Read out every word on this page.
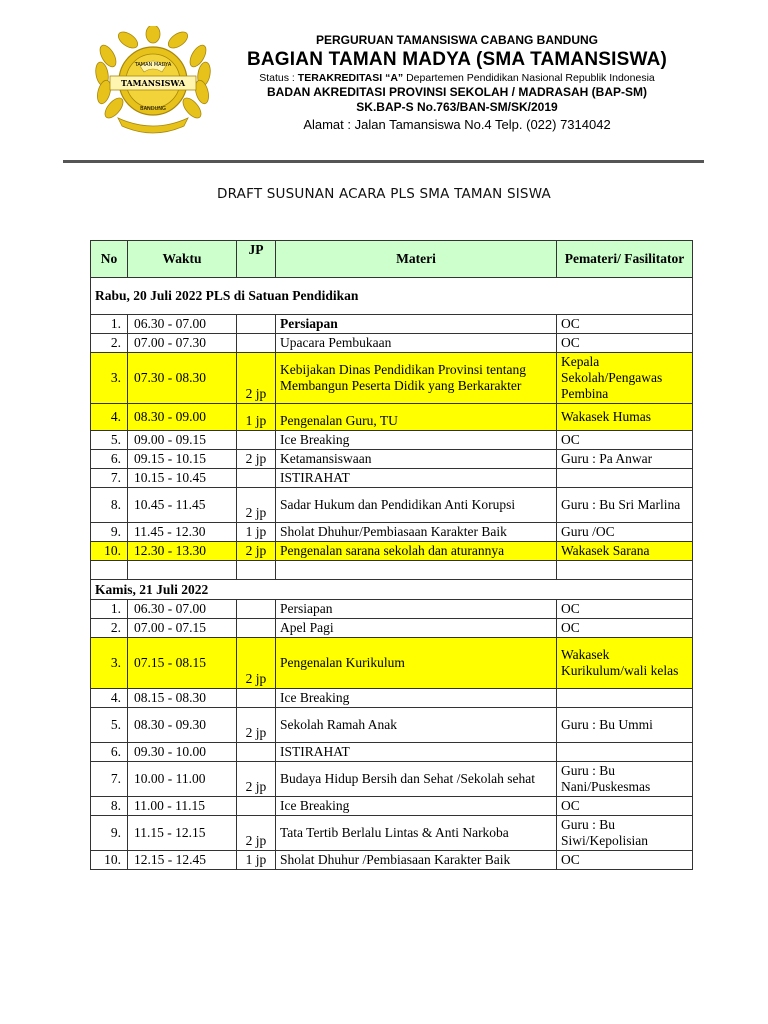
TAMAN MADYA
TAMANSISWA
BANDUNG
PERGURUAN TAMANSISWA CABANG BANDUNG
BAGIAN TAMAN MADYA (SMA TAMANSISWA)
Status : TERAKREDITASI “A” Departemen Pendidikan Nasional Republik Indonesia
BADAN AKREDITASI PROVINSI SEKOLAH / MADRASAH (BAP-SM)
SK.BAP-S No.763/BAN-SM/SK/2019
Alamat : Jalan Tamansiswa No.4 Telp. (022) 7314042
DRAFT SUSUNAN ACARA PLS SMA TAMAN SISWA
No	Waktu	JP	Materi	Pemateri/ Fasilitator
Rabu, 20 Juli 2022 PLS di Satuan Pendidikan				
1.	06.30 - 07.00		Persiapan	OC
2.	07.00 - 07.30		Upacara Pembukaan	OC
3.	07.30 - 08.30	2 jp	Kebijakan Dinas Pendidikan Provinsi tentang Membangun Peserta Didik yang Berkarakter	Kepala Sekolah/Pengawas Pembina
4.	08.30 - 09.00	1 jp	Pengenalan Guru, TU	Wakasek Humas
5.	09.00 - 09.15		Ice Breaking	OC
6.	09.15 - 10.15	2 jp	Ketamansiswaan	Guru : Pa Anwar
7.	10.15 - 10.45		ISTIRAHAT	
8.	10.45 - 11.45	2 jp	Sadar Hukum dan Pendidikan Anti Korupsi	Guru : Bu Sri Marlina
9.	11.45 - 12.30	1 jp	Sholat Dhuhur/Pembiasaan Karakter Baik	Guru /OC
10.	12.30 - 13.30	2 jp	Pengenalan sarana sekolah dan aturannya	Wakasek Sarana

Kamis, 21 Juli 2022				
1.	06.30 - 07.00		Persiapan	OC
2.	07.00 - 07.15		Apel Pagi	OC
3.	07.15 - 08.15	2 jp	Pengenalan Kurikulum	Wakasek Kurikulum/wali kelas
4.	08.15 - 08.30		Ice Breaking	
5.	08.30 - 09.30	2 jp	Sekolah Ramah Anak	Guru : Bu Ummi
6.	09.30 - 10.00		ISTIRAHAT	
7.	10.00 - 11.00	2 jp	Budaya Hidup Bersih dan Sehat /Sekolah sehat	Guru : Bu Nani/Puskesmas
8.	11.00 - 11.15		Ice Breaking	OC
9.	11.15 - 12.15	2 jp	Tata Tertib Berlalu Lintas & Anti Narkoba	Guru : Bu Siwi/Kepolisian
10.	12.15 - 12.45	1 jp	Sholat Dhuhur /Pembiasaan Karakter Baik	OC
